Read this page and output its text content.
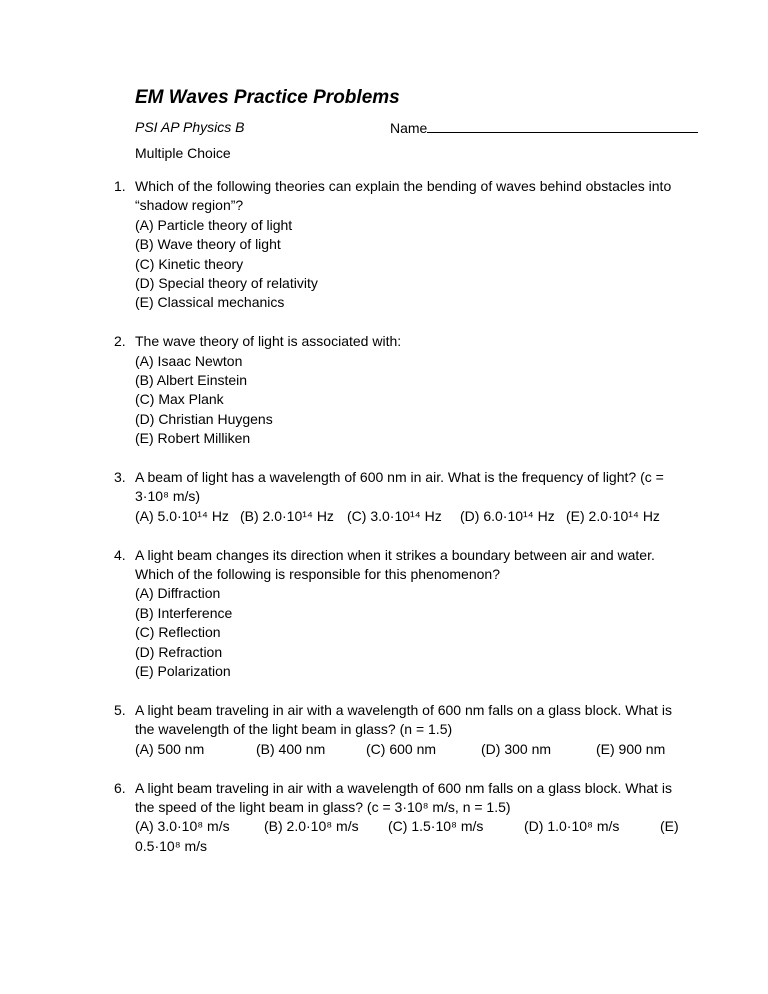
EM Waves Practice Problems
PSI AP Physics B	Name
Multiple Choice
1. Which of the following theories can explain the bending of waves behind obstacles into “shadow region”?
(A) Particle theory of light
(B) Wave theory of light
(C) Kinetic theory
(D) Special theory of relativity
(E) Classical mechanics
2. The wave theory of light is associated with:
(A) Isaac Newton
(B) Albert Einstein
(C) Max Plank
(D) Christian Huygens
(E) Robert Milliken
3. A beam of light has a wavelength of 600 nm in air. What is the frequency of light? (c = 3·10⁸ m/s)
(A) 5.0·10¹⁴ Hz (B) 2.0·10¹⁴ Hz (C) 3.0·10¹⁴ Hz (D) 6.0·10¹⁴ Hz (E) 2.0·10¹⁴ Hz
4. A light beam changes its direction when it strikes a boundary between air and water. Which of the following is responsible for this phenomenon?
(A) Diffraction
(B) Interference
(C) Reflection
(D) Refraction
(E) Polarization
5. A light beam traveling in air with a wavelength of 600 nm falls on a glass block. What is the wavelength of the light beam in glass? (n = 1.5)
(A) 500 nm	(B) 400 nm	(C) 600 nm	(D) 300 nm	(E) 900 nm
6. A light beam traveling in air with a wavelength of 600 nm falls on a glass block. What is the speed of the light beam in glass? (c = 3·10⁸ m/s, n = 1.5)
(A) 3.0·10⁸ m/s (B) 2.0·10⁸ m/s (C) 1.5·10⁸ m/s	(D) 1.0·10⁸ m/s	(E) 0.5·10⁸ m/s
